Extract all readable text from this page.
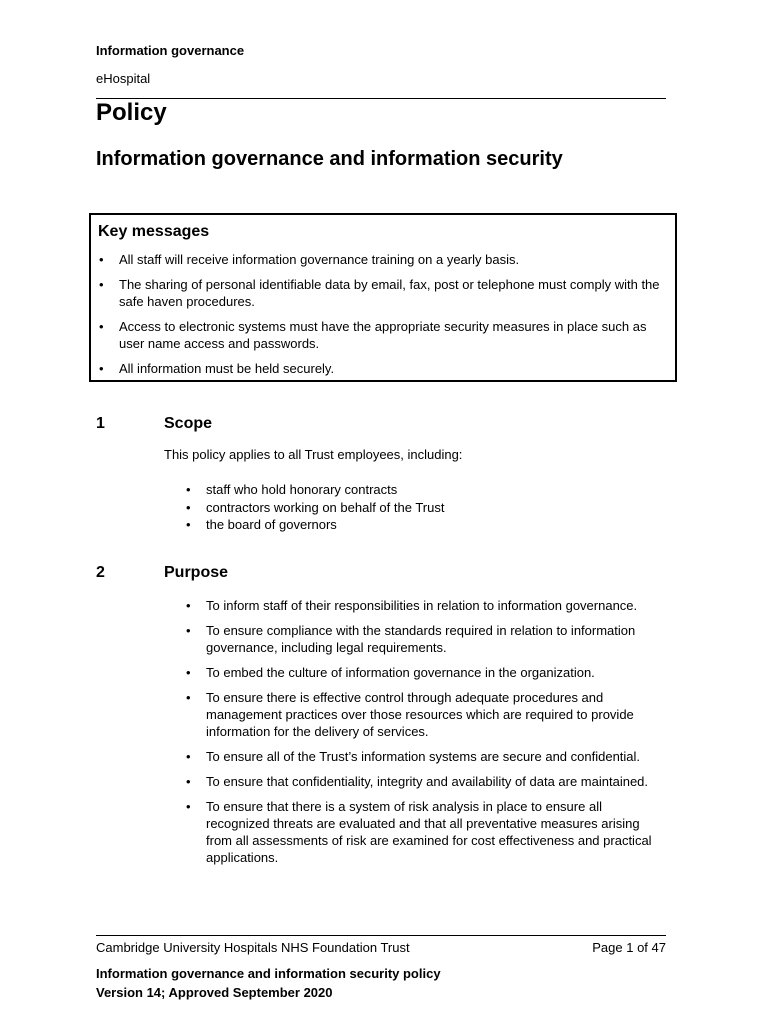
Information governance
eHospital
Policy
Information governance and information security
Key messages
• All staff will receive information governance training on a yearly basis.
• The sharing of personal identifiable data by email, fax, post or telephone must comply with the safe haven procedures.
• Access to electronic systems must have the appropriate security measures in place such as user name access and passwords.
• All information must be held securely.
1	Scope
This policy applies to all Trust employees, including:
• staff who hold honorary contracts
• contractors working on behalf of the Trust
• the board of governors
2	Purpose
• To inform staff of their responsibilities in relation to information governance.
• To ensure compliance with the standards required in relation to information governance, including legal requirements.
• To embed the culture of information governance in the organization.
• To ensure there is effective control through adequate procedures and management practices over those resources which are required to provide information for the delivery of services.
• To ensure all of the Trust’s information systems are secure and confidential.
• To ensure that confidentiality, integrity and availability of data are maintained.
• To ensure that there is a system of risk analysis in place to ensure all recognized threats are evaluated and that all preventative measures arising from all assessments of risk are examined for cost effectiveness and practical applications.
Cambridge University Hospitals NHS Foundation Trust	Page 1 of 47
Information governance and information security policy
Version 14; Approved September 2020
